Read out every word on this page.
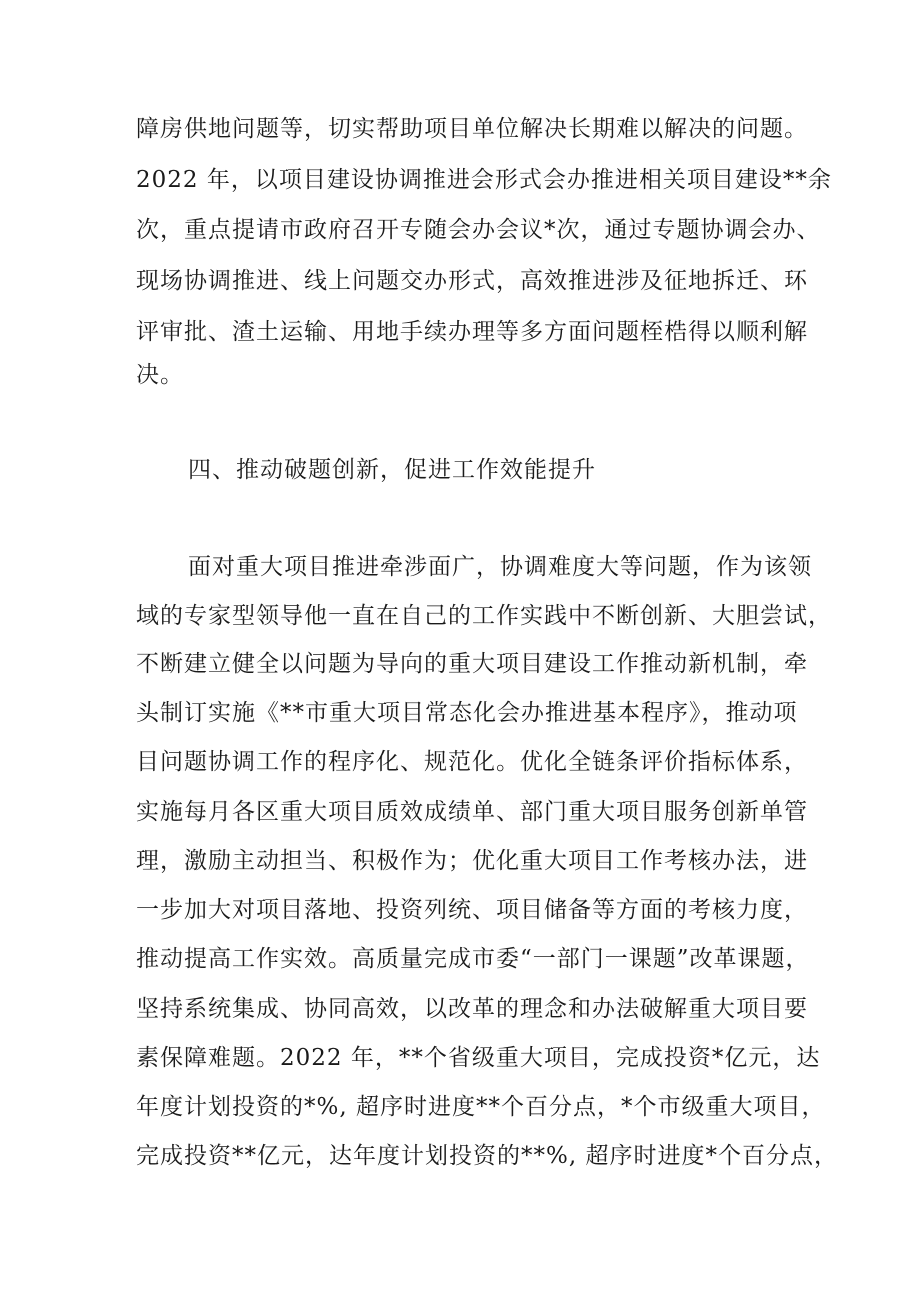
障房供地问题等，切实帮助项目单位解决长期难以解决的问题。
2022 年，以项目建设协调推进会形式会办推进相关项目建设**余
次，重点提请市政府召开专随会办会议*次，通过专题协调会办、
现场协调推进、线上问题交办形式，高效推进涉及征地拆迁、环
评审批、渣土运输、用地手续办理等多方面问题桎梏得以顺利解
决。
四、推动破题创新，促进工作效能提升
面对重大项目推进牵涉面广，协调难度大等问题，作为该领
域的专家型领导他一直在自己的工作实践中不断创新、大胆尝试，
不断建立健全以问题为导向的重大项目建设工作推动新机制，牵
头制订实施《**市重大项目常态化会办推进基本程序》，推动项
目问题协调工作的程序化、规范化。优化全链条评价指标体系，
实施每月各区重大项目质效成绩单、部门重大项目服务创新单管
理，激励主动担当、积极作为；优化重大项目工作考核办法，进
一步加大对项目落地、投资列统、项目储备等方面的考核力度，
推动提高工作实效。高质量完成市委“一部门一课题”改革课题，
坚持系统集成、协同高效，以改革的理念和办法破解重大项目要
素保障难题。2022 年，**个省级重大项目，完成投资*亿元，达
年度计划投资的*%, 超序时进度**个百分点，*个市级重大项目，
完成投资**亿元，达年度计划投资的**%, 超序时进度*个百分点，
